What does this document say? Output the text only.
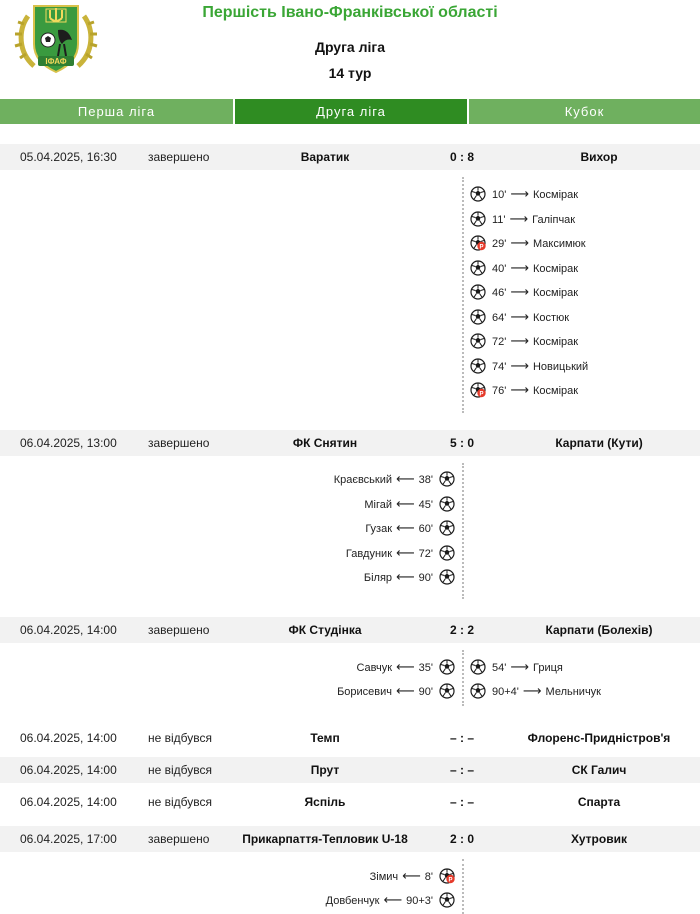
ІФАФ
Першість Івано-Франківської області
Друга ліга
14 тур
Перша ліга	Друга ліга	Кубок
05.04.2025, 16:30	завершено	Варатик	0 : 8	Вихор
10' ⟶ Космірак
11' ⟶ Галіпчак
P 29' ⟶ Максимюк
40' ⟶ Космірак
46' ⟶ Космірак
64' ⟶ Костюк
72' ⟶ Космірак
74' ⟶ Новицький
P 76' ⟶ Космірак
06.04.2025, 13:00	завершено	ФК Снятин	5 : 0	Карпати (Кути)
Краєвський ⟵ 38'
Мігай ⟵ 45'
Гузак ⟵ 60'
Гавдуник ⟵ 72'
Біляр ⟵ 90'
06.04.2025, 14:00	завершено	ФК Студінка	2 : 2	Карпати (Болехів)
Савчук ⟵ 35'
Борисевич ⟵ 90'
54' ⟶ Гриця
90+4' ⟶ Мельничук
06.04.2025, 14:00	не відбувся	Темп	– : –	Флоренс-Придністров'я
06.04.2025, 14:00	не відбувся	Прут	– : –	СК Галич
06.04.2025, 14:00	не відбувся	Яспіль	– : –	Спарта
06.04.2025, 17:00	завершено	Прикарпаття-Тепловик U-18	2 : 0	Хутровик
Зімич ⟵ 8'	P
Довбенчук ⟵ 90+3'
